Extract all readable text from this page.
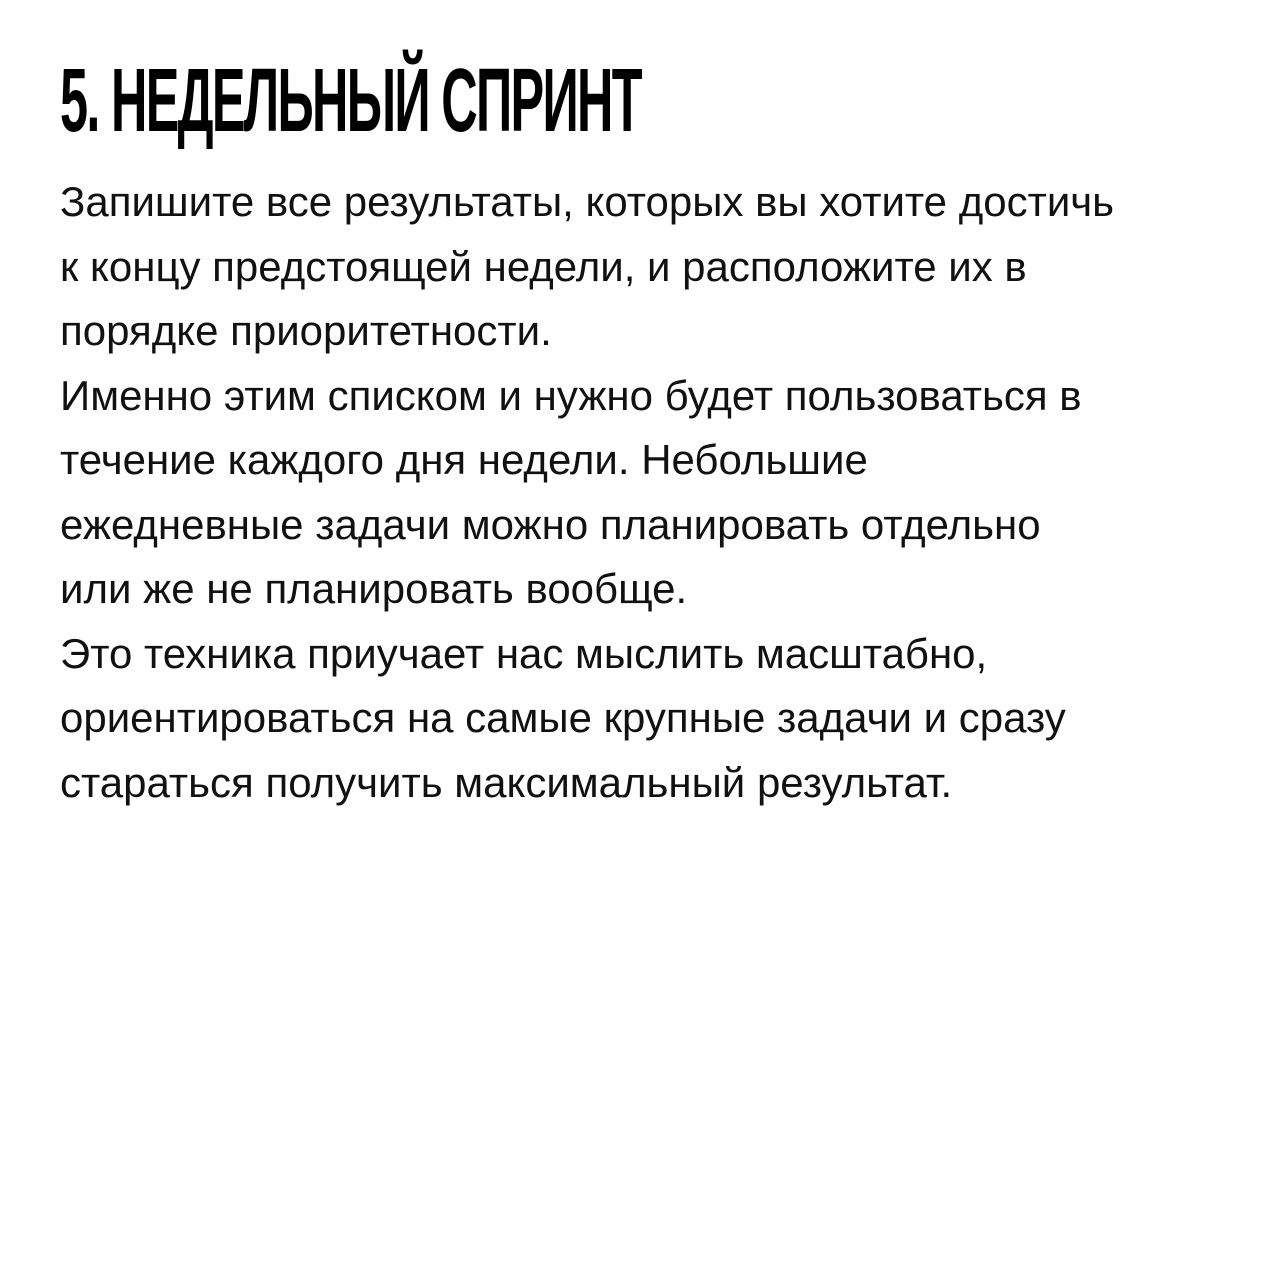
5. НЕДЕЛЬНЫЙ СПРИНТ
Запишите все результаты, которых вы хотите достичь
к концу предстоящей недели, и расположите их в
порядке приоритетности.
Именно этим списком и нужно будет пользоваться в
течение каждого дня недели. Небольшие
ежедневные задачи можно планировать отдельно
или же не планировать вообще.
Это техника приучает нас мыслить масштабно,
ориентироваться на самые крупные задачи и сразу
стараться получить максимальный результат.
